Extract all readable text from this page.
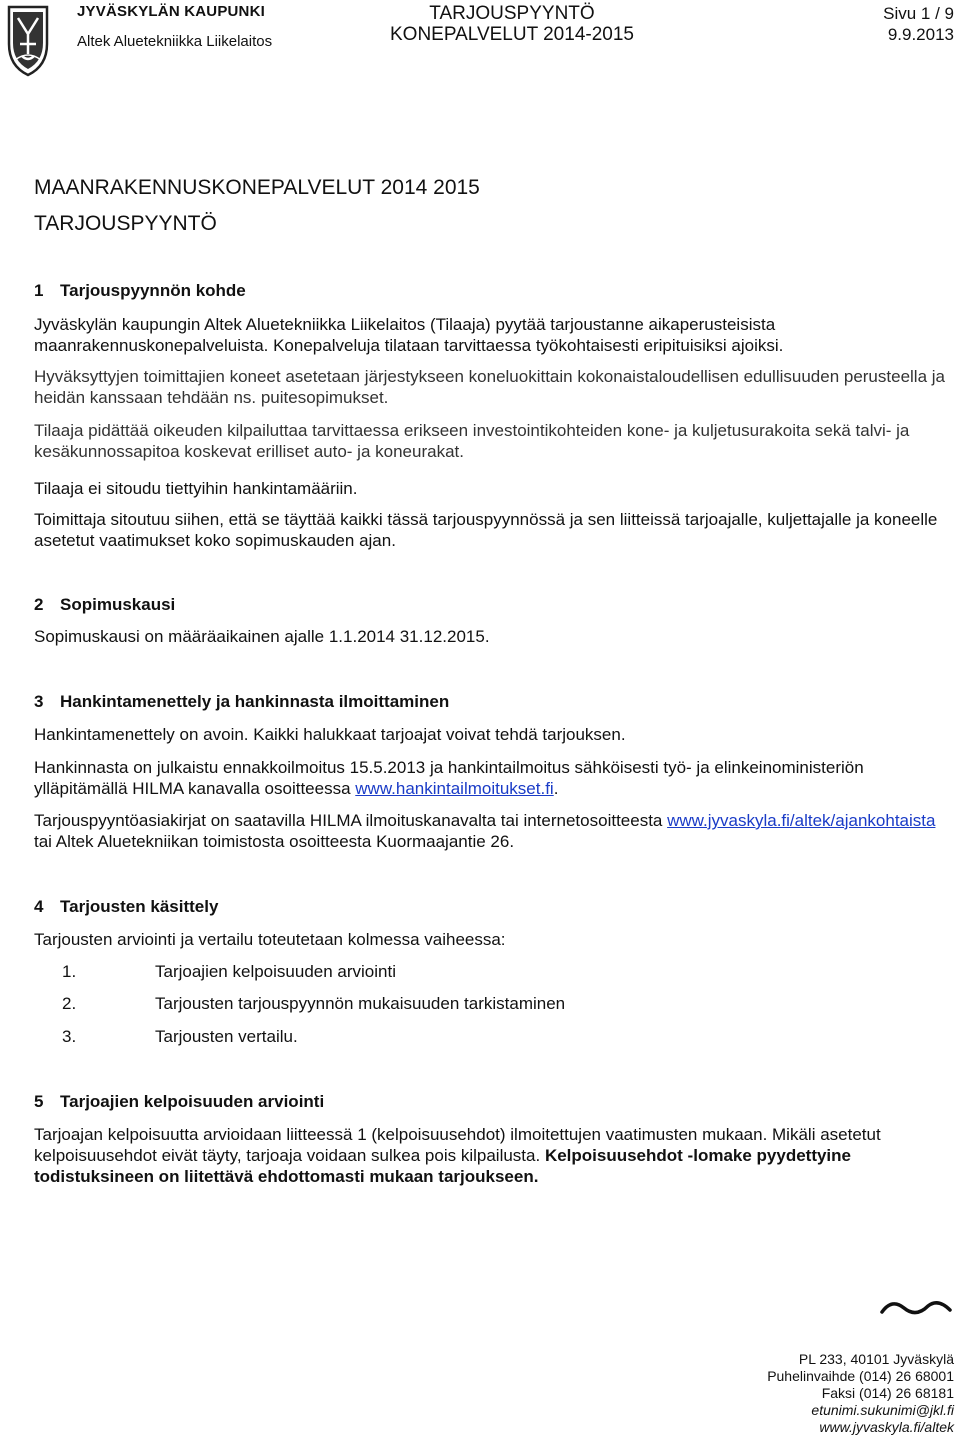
JYVÄSKYLÄN KAUPUNKI
Altek Aluetekniikka Liikelaitos
TARJOUSPYYNTÖ
KONEPALVELUT 2014-2015
Sivu 1 / 9
9.9.2013
MAANRAKENNUSKONEPALVELUT 2014 2015
TARJOUSPYYNTÖ
1 Tarjouspyynnön kohde
Jyväskylän kaupungin Altek Aluetekniikka Liikelaitos (Tilaaja) pyytää tarjoustanne aikaperusteisista maanrakennuskonepalveluista. Konepalveluja tilataan tarvittaessa työkohtaisesti eripituisiksi ajoiksi.
Hyväksyttyjen toimittajien koneet asetetaan järjestykseen koneluokittain kokonaistaloudellisen edullisuuden perusteella ja heidän kanssaan tehdään ns. puitesopimukset.
Tilaaja pidättää oikeuden kilpailuttaa tarvittaessa erikseen investointikohteiden kone- ja kuljetusurakoita sekä talvi- ja kesäkunnossapitoa koskevat erilliset auto- ja koneurakat.
Tilaaja ei sitoudu tiettyihin hankintamääriin.
Toimittaja sitoutuu siihen, että se täyttää kaikki tässä tarjouspyynnössä ja sen liitteissä tarjoajalle, kuljettajalle ja koneelle asetetut vaatimukset koko sopimuskauden ajan.
2 Sopimuskausi
Sopimuskausi on määräaikainen ajalle 1.1.2014 31.12.2015.
3 Hankintamenettely ja hankinnasta ilmoittaminen
Hankintamenettely on avoin. Kaikki halukkaat tarjoajat voivat tehdä tarjouksen.
Hankinnasta on julkaistu ennakkoilmoitus 15.5.2013 ja hankintailmoitus sähköisesti työ- ja elinkeinoministeriön ylläpitämällä HILMA kanavalla osoitteessa www.hankintailmoitukset.fi.
Tarjouspyyntöasiakirjat on saatavilla HILMA ilmoituskanavalta tai internetosoitteesta www.jyvaskyla.fi/altek/ajankohtaista tai Altek Aluetekniikan toimistosta osoitteesta Kuormaajantie 26.
4 Tarjousten käsittely
Tarjousten arviointi ja vertailu toteutetaan kolmessa vaiheessa:
1.	Tarjoajien kelpoisuuden arviointi
2.	Tarjousten tarjouspyynnön mukaisuuden tarkistaminen
3.	Tarjousten vertailu.
5 Tarjoajien kelpoisuuden arviointi
Tarjoajan kelpoisuutta arvioidaan liitteessä 1 (kelpoisuusehdot) ilmoitettujen vaatimusten mukaan. Mikäli asetetut kelpoisuusehdot eivät täyty, tarjoaja voidaan sulkea pois kilpailusta. Kelpoisuusehdot -lomake pyydettyine todistuksineen on liitettävä ehdottomasti mukaan tarjoukseen.
PL 233, 40101 Jyväskylä
Puhelinvaihde (014) 26 68001
Faksi (014) 26 68181
etunimi.sukunimi@jkl.fi
www.jyvaskyla.fi/altek
